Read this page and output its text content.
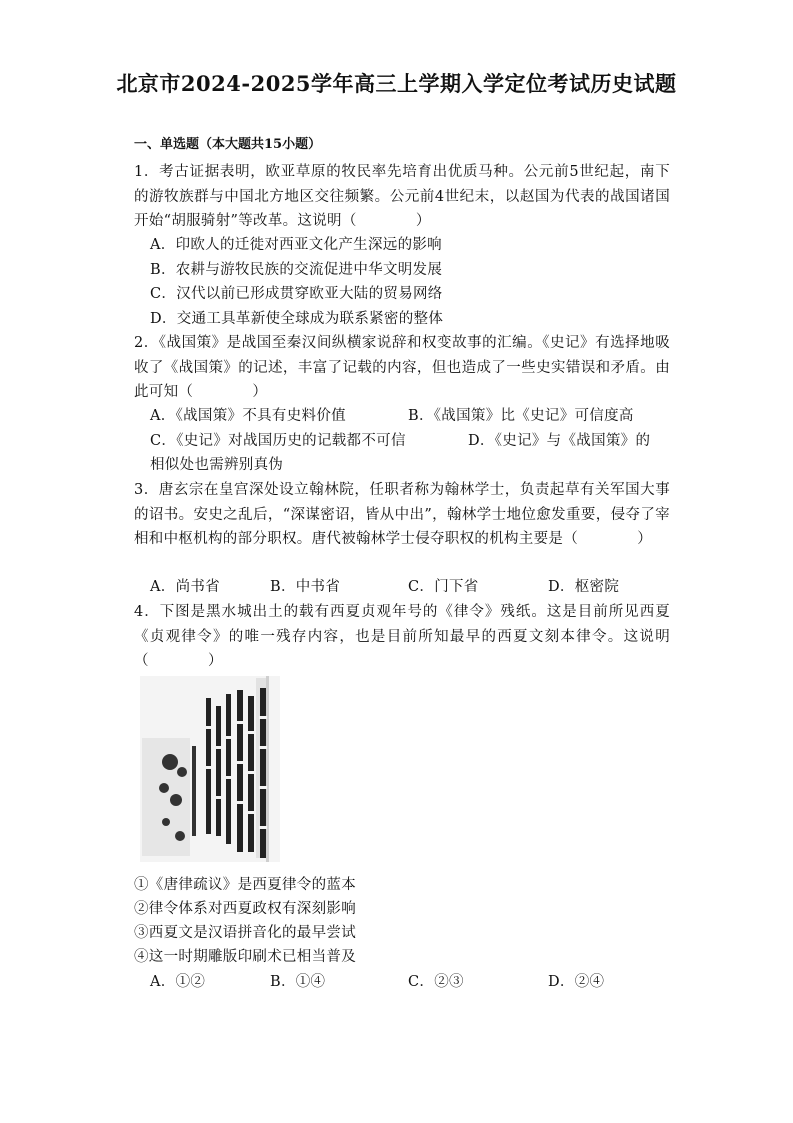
北京市2024-2025学年高三上学期入学定位考试历史试题
一、单选题（本大题共15小题）
1．考古证据表明，欧亚草原的牧民率先培育出优质马种。公元前5世纪起，南下的游牧族群与中国北方地区交往频繁。公元前4世纪末，以赵国为代表的战国诸国开始“胡服骑射”等改革。这说明（　　　　）
A．印欧人的迁徙对西亚文化产生深远的影响
B．农耕与游牧民族的交流促进中华文明发展
C．汉代以前已形成贯穿欧亚大陆的贸易网络
D．交通工具革新使全球成为联系紧密的整体
2．《战国策》是战国至秦汉间纵横家说辞和权变故事的汇编。《史记》有选择地吸收了《战国策》的记述，丰富了记载的内容，但也造成了一些史实错误和矛盾。由此可知（　　　　）
A．《战国策》不具有史料价值	B．《战国策》比《史记》可信度高
C．《史记》对战国历史的记载都不可信	D．《史记》与《战国策》的
相似处也需辨别真伪
3．唐玄宗在皇宫深处设立翰林院，任职者称为翰林学士，负责起草有关军国大事的诏书。安史之乱后，“深谋密诏，皆从中出”，翰林学士地位愈发重要，侵夺了宰相和中枢机构的部分职权。唐代被翰林学士侵夺职权的机构主要是（　　　　）
A．尚书省	B．中书省	C．门下省	D．枢密院
4．下图是黑水城出土的载有西夏贞观年号的《律令》残纸。这是目前所见西夏《贞观律令》的唯一残存内容，也是目前所知最早的西夏文刻本律令。这说明（　　　　）
①《唐律疏议》是西夏律令的蓝本
②律令体系对西夏政权有深刻影响
③西夏文是汉语拼音化的最早尝试
④这一时期雕版印刷术已相当普及
A．①②	B．①④	C．②③	D．②④
